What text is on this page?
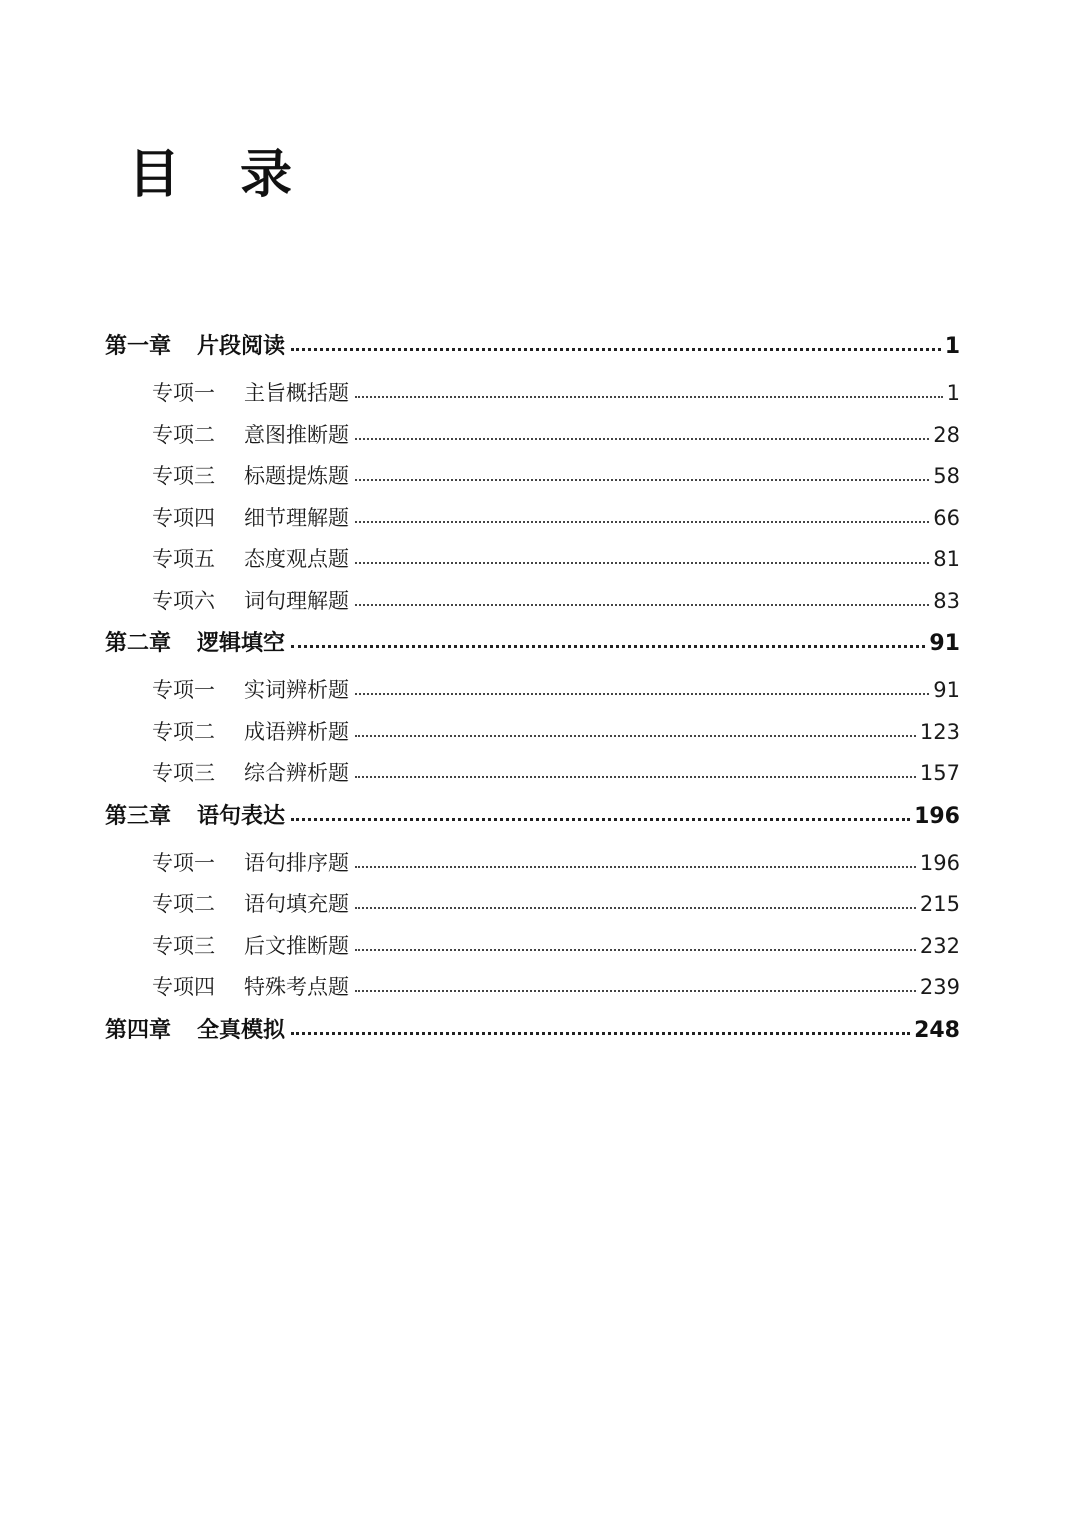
目 录
第一章	片段阅读	1
专项一	主旨概括题	1
专项二	意图推断题	28
专项三	标题提炼题	58
专项四	细节理解题	66
专项五	态度观点题	81
专项六	词句理解题	83
第二章	逻辑填空	91
专项一	实词辨析题	91
专项二	成语辨析题	123
专项三	综合辨析题	157
第三章	语句表达	196
专项一	语句排序题	196
专项二	语句填充题	215
专项三	后文推断题	232
专项四	特殊考点题	239
第四章	全真模拟	248
